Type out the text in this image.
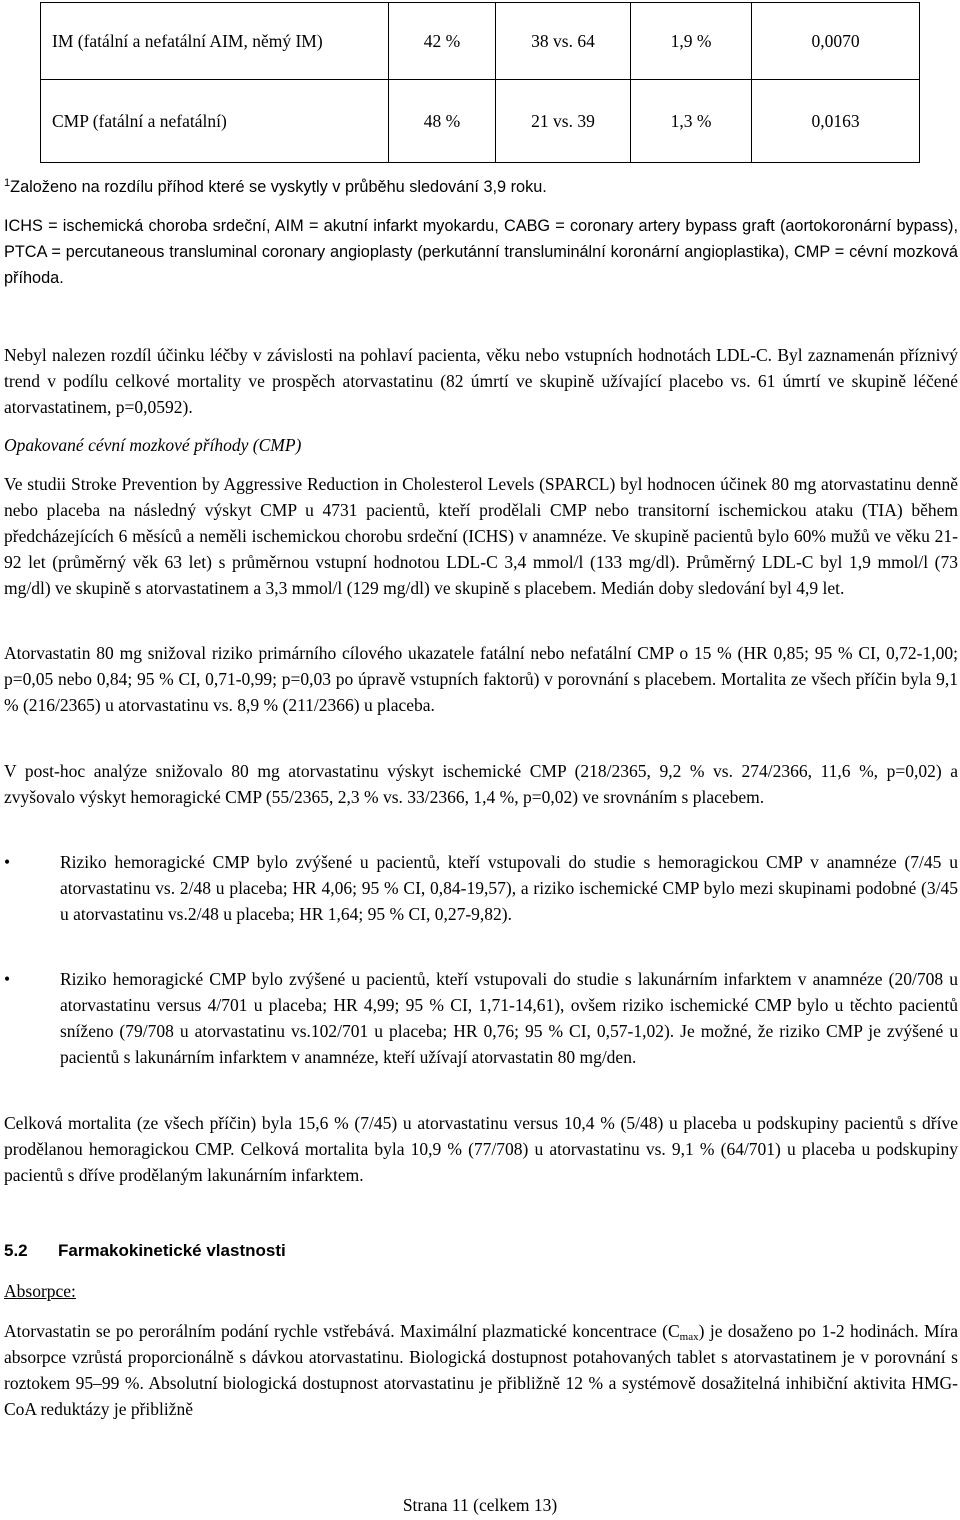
IM (fatální a nefatální AIM, němý IM)	42 %	38 vs. 64	1,9 %	0,0070
CMP (fatální a nefatální)	48 %	21 vs. 39	1,3 %	0,0163
$^1$Založeno na rozdílu příhod které se vyskytly v průběhu sledování 3,9 roku.
ICHS = ischemická choroba srdeční, AIM = akutní infarkt myokardu, CABG = coronary artery bypass graft (aortokoronární bypass), PTCA = percutaneous transluminal coronary angioplasty (perkutánní transluminální koronární angioplastika), CMP = cévní mozková příhoda.
Nebyl nalezen rozdíl účinku léčby v závislosti na pohlaví pacienta, věku nebo vstupních hodnotách LDL-C. Byl zaznamenán příznivý trend v podílu celkové mortality ve prospěch atorvastatinu (82 úmrtí ve skupině užívající placebo vs. 61 úmrtí ve skupině léčené atorvastatinem, p=0,0592).
Opakované cévní mozkové příhody (CMP)
Ve studii Stroke Prevention by Aggressive Reduction in Cholesterol Levels (SPARCL) byl hodnocen účinek 80 mg atorvastatinu denně nebo placeba na následný výskyt CMP u 4731 pacientů, kteří prodělali CMP nebo transitorní ischemickou ataku (TIA) během předcházejících 6 měsíců a neměli ischemickou chorobu srdeční (ICHS) v anamnéze. Ve skupině pacientů bylo 60% mužů ve věku 21-92 let (průměrný věk 63 let) s průměrnou vstupní hodnotou LDL-C 3,4 mmol/l (133 mg/dl). Průměrný LDL-C byl 1,9 mmol/l (73 mg/dl) ve skupině s atorvastatinem a 3,3 mmol/l (129 mg/dl) ve skupině s placebem. Medián doby sledování byl 4,9 let.
Atorvastatin 80 mg snižoval riziko primárního cílového ukazatele fatální nebo nefatální CMP o 15 % (HR 0,85; 95 % CI, 0,72-1,00; p=0,05 nebo 0,84; 95 % CI, 0,71-0,99; p=0,03 po úpravě vstupních faktorů) v porovnání s placebem. Mortalita ze všech příčin byla 9,1 % (216/2365) u atorvastatinu vs. 8,9 % (211/2366) u placeba.
V post-hoc analýze snižovalo 80 mg atorvastatinu výskyt ischemické CMP (218/2365, 9,2 % vs. 274/2366, 11,6 %, p=0,02) a zvyšovalo výskyt hemoragické CMP (55/2365, 2,3 % vs. 33/2366, 1,4 %, p=0,02) ve srovnáním s placebem.
•	Riziko hemoragické CMP bylo zvýšené u pacientů, kteří vstupovali do studie s hemoragickou CMP v anamnéze (7/45 u atorvastatinu vs. 2/48 u placeba; HR 4,06; 95 % CI, 0,84-19,57), a riziko ischemické CMP bylo mezi skupinami podobné (3/45 u atorvastatinu vs.2/48 u placeba; HR 1,64; 95 % CI, 0,27-9,82).
•	Riziko hemoragické CMP bylo zvýšené u pacientů, kteří vstupovali do studie s lakunárním infarktem v anamnéze (20/708 u atorvastatinu versus 4/701 u placeba; HR 4,99; 95 % CI, 1,71-14,61), ovšem riziko ischemické CMP bylo u těchto pacientů sníženo (79/708 u atorvastatinu vs.102/701 u placeba; HR 0,76; 95 % CI, 0,57-1,02). Je možné, že riziko CMP je zvýšené u pacientů s lakunárním infarktem v anamnéze, kteří užívají atorvastatin 80 mg/den.
Celková mortalita (ze všech příčin) byla 15,6 % (7/45) u atorvastatinu versus 10,4 % (5/48) u placeba u podskupiny pacientů s dříve prodělanou hemoragickou CMP. Celková mortalita byla 10,9 % (77/708) u atorvastatinu vs. 9,1 % (64/701) u placeba u podskupiny pacientů s dříve prodělaným lakunárním infarktem.
5.2 Farmakokinetické vlastnosti
Absorpce:
Atorvastatin se po perorálním podání rychle vstřebává. Maximální plazmatické koncentrace $(C_{max})$ je dosaženo po 1-2 hodinách. Míra absorpce vzrůstá proporcionálně s dávkou atorvastatinu. Biologická dostupnost potahovaných tablet s atorvastatinem je v porovnání s roztokem 95–99 %. Absolutní biologická dostupnost atorvastatinu je přibližně 12 % a systémově dosažitelná inhibiční aktivita HMG-CoA reduktázy je přibližně
Strana 11 (celkem 13)
